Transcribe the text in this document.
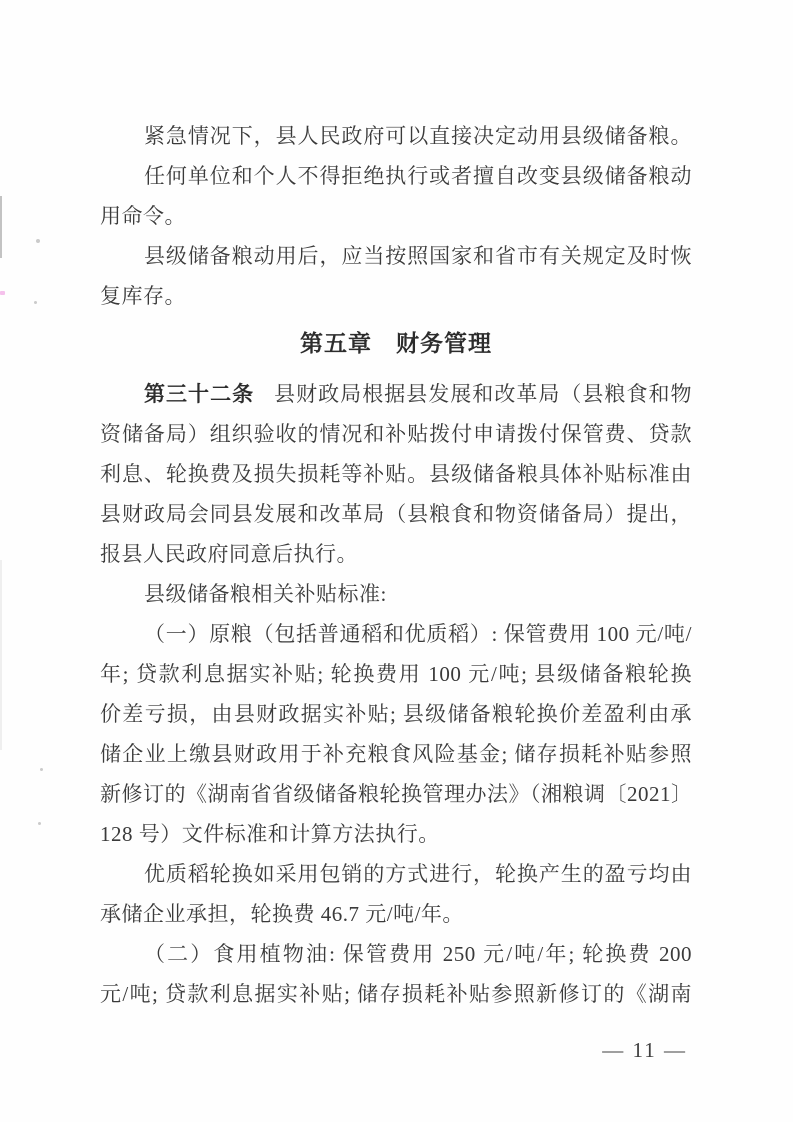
紧急情况下，县人民政府可以直接决定动用县级储备粮。
任何单位和个人不得拒绝执行或者擅自改变县级储备粮动
用命令。
县级储备粮动用后，应当按照国家和省市有关规定及时恢
复库存。
第五章　财务管理
第三十二条 县财政局根据县发展和改革局（县粮食和物
资储备局）组织验收的情况和补贴拨付申请拨付保管费、贷款
利息、轮换费及损失损耗等补贴。县级储备粮具体补贴标准由
县财政局会同县发展和改革局（县粮食和物资储备局）提出，
报县人民政府同意后执行。
县级储备粮相关补贴标准:
（一）原粮（包括普通稻和优质稻）: 保管费用 100 元/吨/
年; 贷款利息据实补贴; 轮换费用 100 元/吨; 县级储备粮轮换
价差亏损，由县财政据实补贴; 县级储备粮轮换价差盈利由承
储企业上缴县财政用于补充粮食风险基金; 储存损耗补贴参照
新修订的《湖南省省级储备粮轮换管理办法》（湘粮调〔2021〕
128 号）文件标准和计算方法执行。
优质稻轮换如采用包销的方式进行，轮换产生的盈亏均由
承储企业承担，轮换费 46.7 元/吨/年。
（二）食用植物油: 保管费用 250 元/吨/年; 轮换费 200
元/吨; 贷款利息据实补贴; 储存损耗补贴参照新修订的《湖南
— 11 —
